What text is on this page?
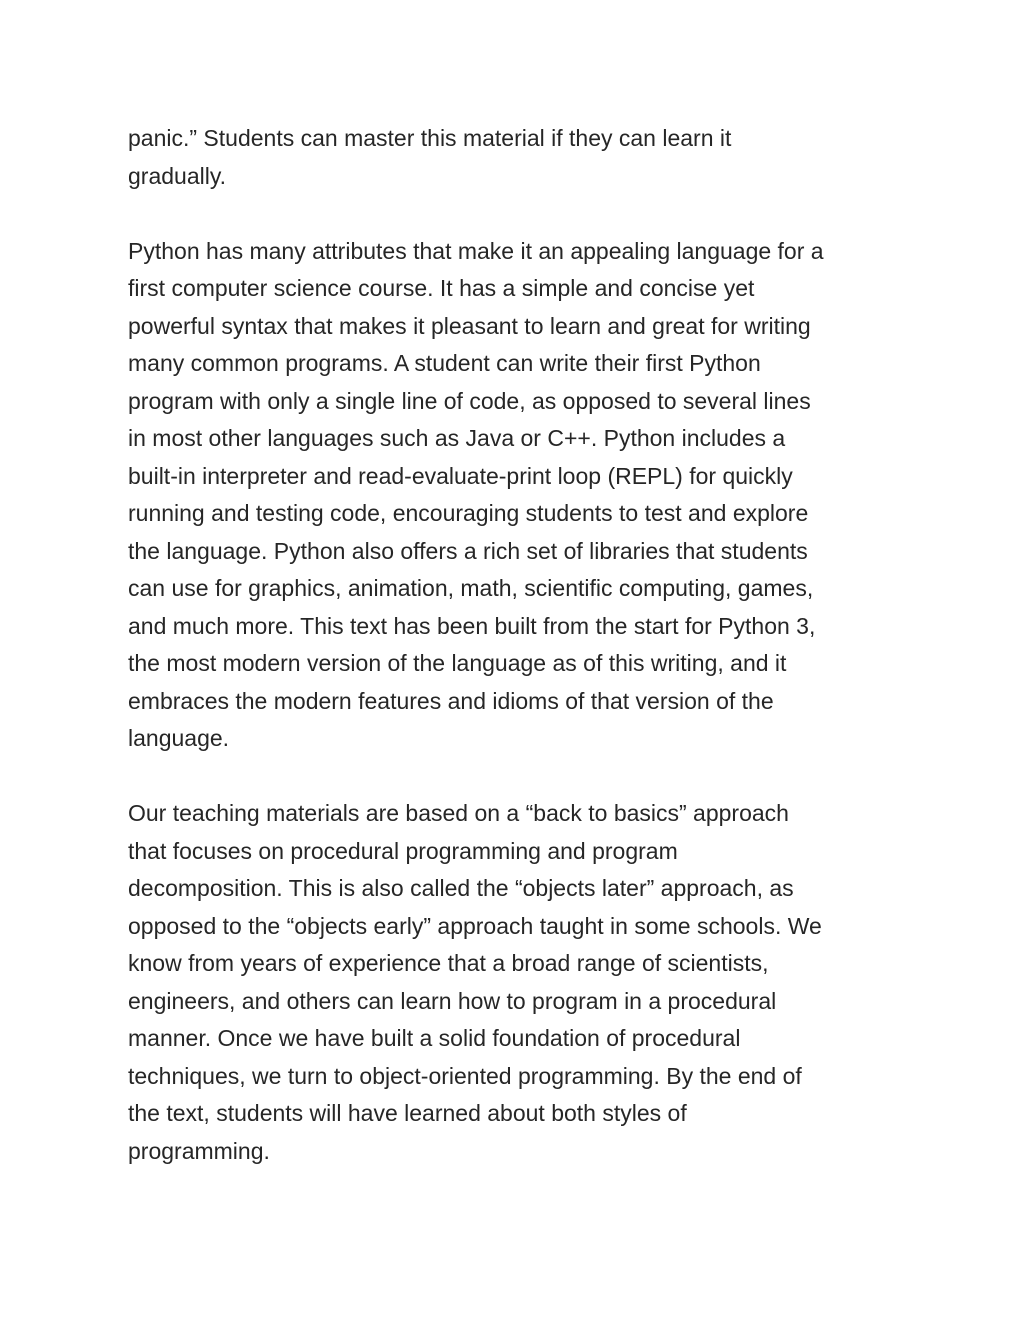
panic.” Students can master this material if they can learn it
gradually.

Python has many attributes that make it an appealing language for a
first computer science course. It has a simple and concise yet
powerful syntax that makes it pleasant to learn and great for writing
many common programs. A student can write their first Python
program with only a single line of code, as opposed to several lines
in most other languages such as Java or C++. Python includes a
built-in interpreter and read-evaluate-print loop (REPL) for quickly
running and testing code, encouraging students to test and explore
the language. Python also offers a rich set of libraries that students
can use for graphics, animation, math, scientific computing, games,
and much more. This text has been built from the start for Python 3,
the most modern version of the language as of this writing, and it
embraces the modern features and idioms of that version of the
language.

Our teaching materials are based on a “back to basics” approach
that focuses on procedural programming and program
decomposition. This is also called the “objects later” approach, as
opposed to the “objects early” approach taught in some schools. We
know from years of experience that a broad range of scientists,
engineers, and others can learn how to program in a procedural
manner. Once we have built a solid foundation of procedural
techniques, we turn to object-oriented programming. By the end of
the text, students will have learned about both styles of
programming.
